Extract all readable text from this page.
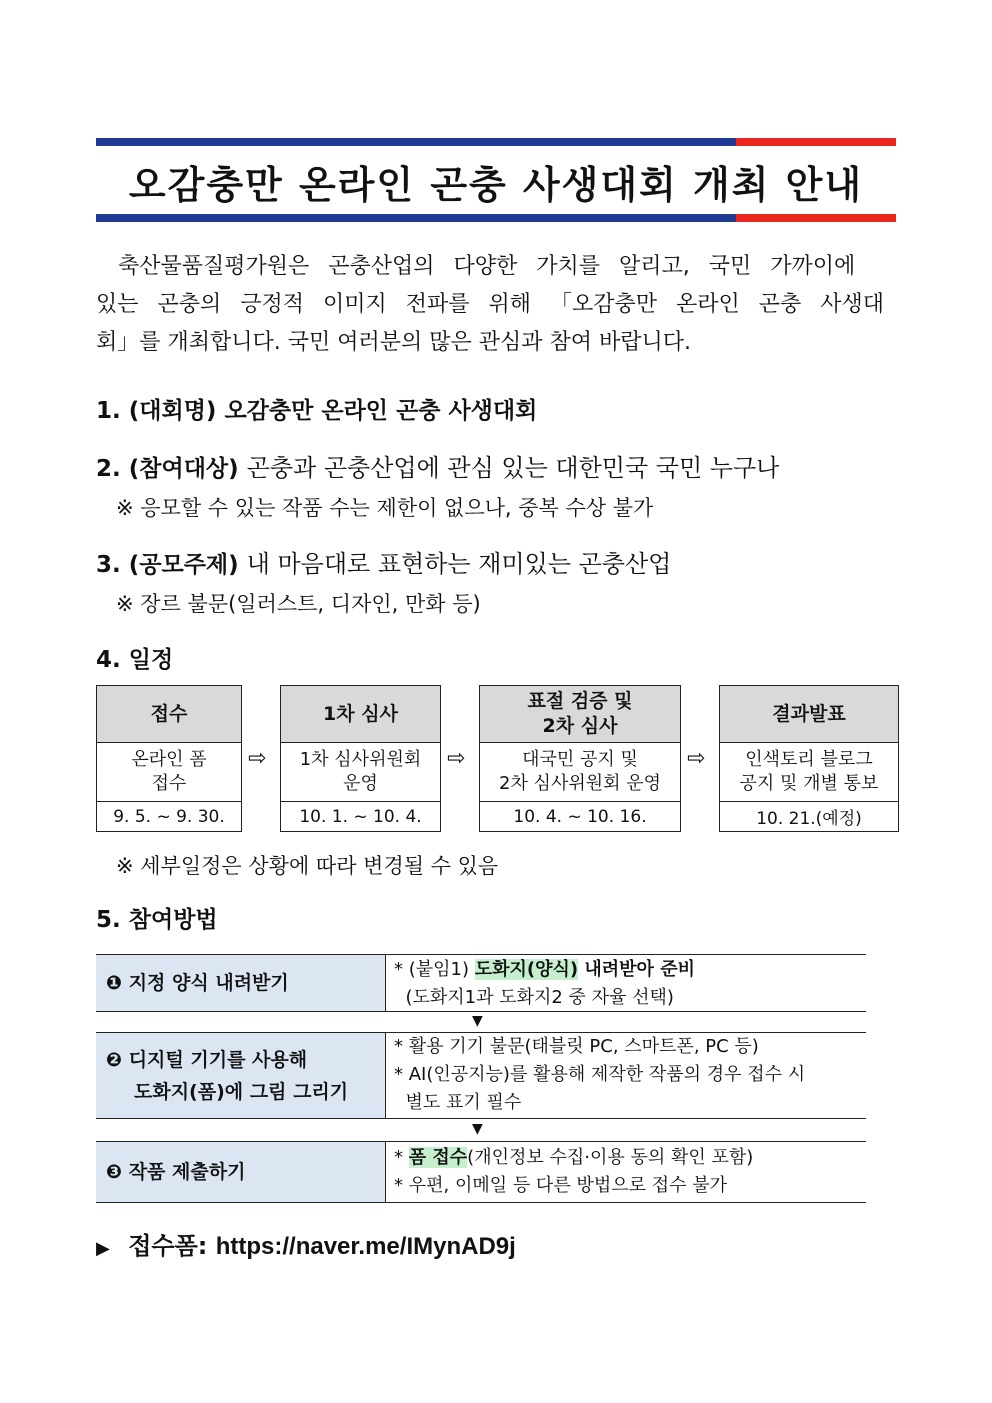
오감충만 온라인 곤충 사생대회 개최 안내
축산물품질평가원은 곤충산업의 다양한 가치를 알리고, 국민 가까이에
있는 곤충의 긍정적 이미지 전파를 위해 「오감충만 온라인 곤충 사생대
회」를 개최합니다. 국민 여러분의 많은 관심과 참여 바랍니다.
1. (대회명) 오감충만 온라인 곤충 사생대회
2. (참여대상) 곤충과 곤충산업에 관심 있는 대한민국 국민 누구나
※ 응모할 수 있는 작품 수는 제한이 없으나, 중복 수상 불가
3. (공모주제) 내 마음대로 표현하는 재미있는 곤충산업
※ 장르 불문(일러스트, 디자인, 만화 등)
4. 일정
접수
온라인 폼
접수
9. 5. ~ 9. 30.
⇨
1차 심사
1차 심사위원회
운영
10. 1. ~ 10. 4.
⇨
표절 검증 및
2차 심사
대국민 공지 및
2차 심사위원회 운영
10. 4. ~ 10. 16.
⇨
결과발표
인색토리 블로그
공지 및 개별 통보
10. 21.(예정)
※ 세부일정은 상황에 따라 변경될 수 있음
5. 참여방법
❶ 지정 양식 내려받기
* (붙임1) 도화지(양식) 내려받아 준비
(도화지1과 도화지2 중 자율 선택)
▼
❷ 디지털 기기를 사용해
도화지(폼)에 그림 그리기
* 활용 기기 불문(태블릿 PC, 스마트폰, PC 등)
* AI(인공지능)를 활용해 제작한 작품의 경우 접수 시
별도 표기 필수
▼
❸ 작품 제출하기
* 폼 접수(개인정보 수집·이용 동의 확인 포함)
* 우편, 이메일 등 다른 방법으로 접수 불가
▶ 접수폼: https://naver.me/IMynAD9j
